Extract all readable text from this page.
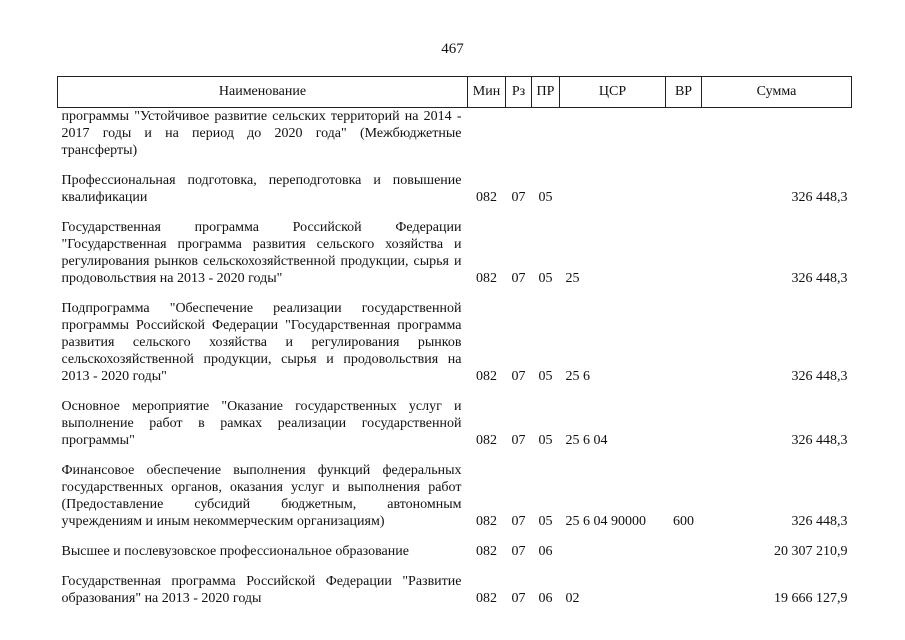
467
Наименование	Мин	Рз	ПР	ЦСР	ВР	Сумма
программы "Устойчивое развитие сельских территорий на 2014 - 2017 годы и на период до 2020 года" (Межбюджетные трансферты)						

Профессиональная подготовка, переподготовка и повышение квалификации	082	07	05			326 448,3

Государственная программа Российской Федерации "Государственная программа развития сельского хозяйства и регулирования рынков сельскохозяйственной продукции, сырья и продовольствия на 2013 - 2020 годы"	082	07	05	25		326 448,3

Подпрограмма "Обеспечение реализации государственной программы Российской Федерации "Государственная программа развития сельского хозяйства и регулирования рынков сельскохозяйственной продукции, сырья и продовольствия на 2013 - 2020 годы"	082	07	05	25 6		326 448,3

Основное мероприятие "Оказание государственных услуг и выполнение работ в рамках реализации государственной программы"	082	07	05	25 6 04		326 448,3

Финансовое обеспечение выполнения функций федеральных государственных органов, оказания услуг и выполнения работ (Предоставление субсидий бюджетным, автономным учреждениям и иным некоммерческим организациям)	082	07	05	25 6 04 90000	600	326 448,3

Высшее и послевузовское профессиональное образование	082	07	06			20 307 210,9

Государственная программа Российской Федерации "Развитие образования" на 2013 - 2020 годы	082	07	06	02		19 666 127,9
